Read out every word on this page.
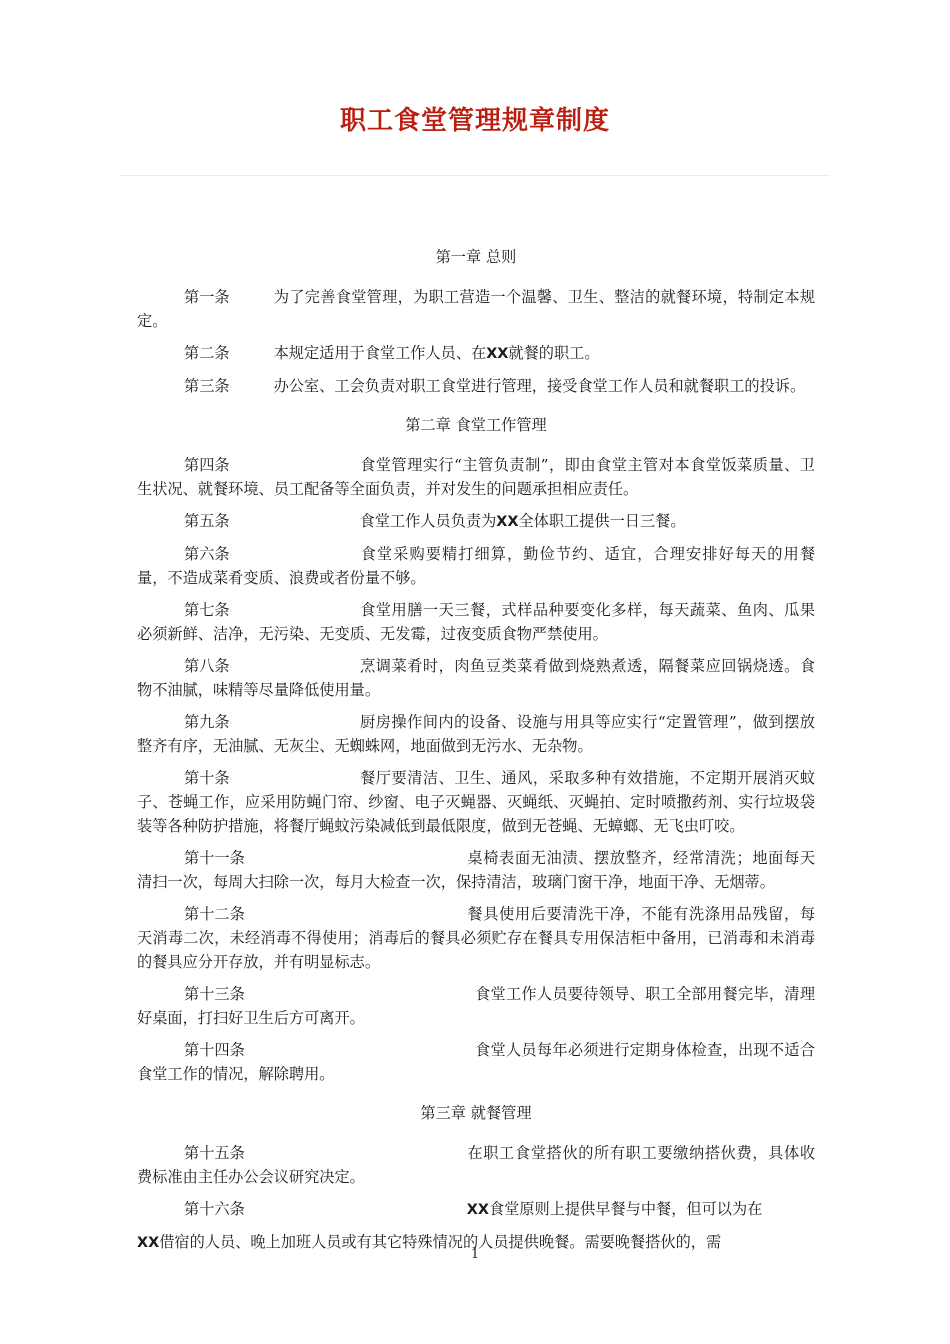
职工食堂管理规章制度

第一章 总则

第一条	为了完善食堂管理，为职工营造一个温馨、卫生、整洁的就餐环境，特制定本规定。

第二条	本规定适用于食堂工作人员、在XX就餐的职工。

第三条	办公室、工会负责对职工食堂进行管理，接受食堂工作人员和就餐职工的投诉。

第二章 食堂工作管理

第四条	食堂管理实行“主管负责制”，即由食堂主管对本食堂饭菜质量、卫生状况、就餐环境、员工配备等全面负责，并对发生的问题承担相应责任。

第五条	食堂工作人员负责为XX全体职工提供一日三餐。

第六条	食堂采购要精打细算，勤俭节约、适宜，合理安排好每天的用餐量，不造成菜肴变质、浪费或者份量不够。

第七条	食堂用膳一天三餐，式样品种要变化多样，每天蔬菜、鱼肉、瓜果必须新鲜、洁净，无污染、无变质、无发霉，过夜变质食物严禁使用。

第八条	烹调菜肴时，肉鱼豆类菜肴做到烧熟煮透，隔餐菜应回锅烧透。食物不油腻，味精等尽量降低使用量。

第九条	厨房操作间内的设备、设施与用具等应实行“定置管理”，做到摆放整齐有序，无油腻、无灰尘、无蜘蛛网，地面做到无污水、无杂物。

第十条	餐厅要清洁、卫生、通风，采取多种有效措施，不定期开展消灭蚊子、苍蝇工作，应采用防蝇门帘、纱窗、电子灭蝇器、灭蝇纸、灭蝇拍、定时喷撒药剂、实行垃圾袋装等各种防护措施，将餐厅蝇蚊污染减低到最低限度，做到无苍蝇、无蟑螂、无飞虫叮咬。

第十一条	桌椅表面无油渍、摆放整齐，经常清洗；地面每天清扫一次，每周大扫除一次，每月大检查一次，保持清洁，玻璃门窗干净，地面干净、无烟蒂。

第十二条	餐具使用后要清洗干净，不能有洗涤用品残留，每天消毒二次，未经消毒不得使用；消毒后的餐具必须贮存在餐具专用保洁柜中备用，已消毒和未消毒的餐具应分开存放，并有明显标志。

第十三条	食堂工作人员要待领导、职工全部用餐完毕，清理好桌面，打扫好卫生后方可离开。

第十四条	食堂人员每年必须进行定期身体检查，出现不适合食堂工作的情况，解除聘用。

第三章 就餐管理

第十五条	在职工食堂搭伙的所有职工要缴纳搭伙费，具体收费标准由主任办公会议研究决定。

第十六条	XX食堂原则上提供早餐与中餐，但可以为在

XX借宿的人员、晚上加班人员或有其它特殊情况的人员提供晚餐。需要晚餐搭伙的，需

1
